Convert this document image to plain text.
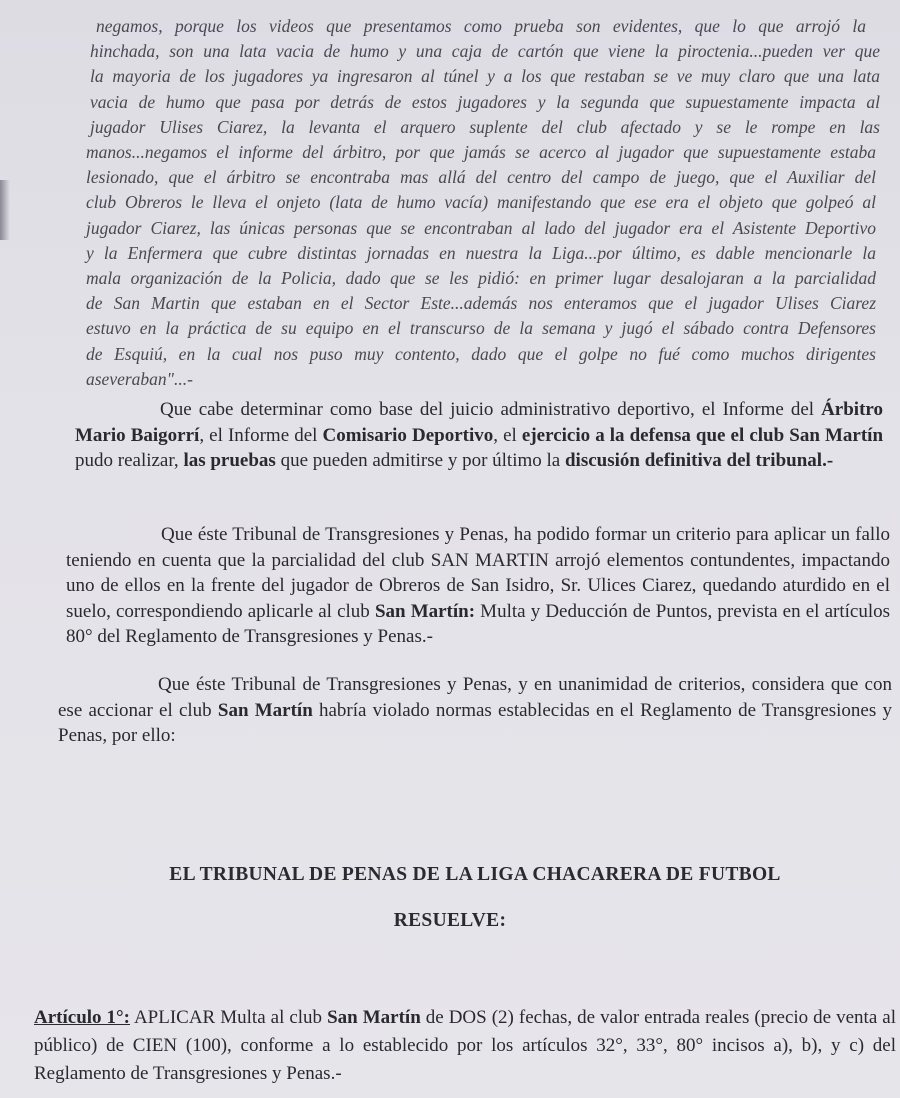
negamos, porque los videos que presentamos como prueba son evidentes, que lo que arrojó la

hinchada, son una lata vacia de humo y una caja de cartón que viene la piroctenia...pueden ver que

la mayoria de los jugadores ya ingresaron al túnel y a los que restaban se ve muy claro que una lata

vacia de humo que pasa por detrás de estos jugadores y la segunda que supuestamente impacta al

jugador Ulises Ciarez, la levanta el arquero suplente del club afectado y se le rompe en las

manos...negamos el informe del árbitro, por que jamás se acerco al jugador que supuestamente estaba

lesionado, que el árbitro se encontraba mas allá del centro del campo de juego, que el Auxiliar del

club Obreros le lleva el onjeto (lata de humo vacía) manifestando que ese era el objeto que golpeó al

jugador Ciarez, las únicas personas que se encontraban al lado del jugador era el Asistente Deportivo

y la Enfermera que cubre distintas jornadas en nuestra la Liga...por último, es dable mencionarle la

mala organización de la Policia, dado que se les pidió: en primer lugar desalojaran a la parcialidad

de San Martin que estaban en el Sector Este...además nos enteramos que el jugador Ulises Ciarez

estuvo en la práctica de su equipo en el transcurso de la semana y jugó el sábado contra Defensores

de Esquiú, en la cual nos puso muy contento, dado que el golpe no fué como muchos dirigentes

aseveraban"...-

Que cabe determinar como base del juicio administrativo deportivo, el Informe del Árbitro Mario Baigorrí, el Informe del Comisario Deportivo, el ejercicio a la defensa que el club San Martín pudo realizar, las pruebas que pueden admitirse y por último la discusión definitiva del tribunal.-

Que éste Tribunal de Transgresiones y Penas, ha podido formar un criterio para aplicar un fallo teniendo en cuenta que la parcialidad del club SAN MARTIN arrojó elementos contundentes, impactando uno de ellos en la frente del jugador de Obreros de San Isidro, Sr. Ulices Ciarez, quedando aturdido en el suelo, correspondiendo aplicarle al club San Martín: Multa y Deducción de Puntos, prevista en el artículos 80° del Reglamento de Transgresiones y Penas.-

Que éste Tribunal de Transgresiones y Penas, y en unanimidad de criterios, considera que con ese accionar el club San Martín habría violado normas establecidas en el Reglamento de Transgresiones y Penas, por ello:

EL TRIBUNAL DE PENAS DE LA LIGA CHACARERA DE FUTBOL

RESUELVE:

Artículo 1°: APLICAR Multa al club San Martín de DOS (2) fechas, de valor entrada reales (precio de venta al público) de CIEN (100), conforme a lo establecido por los artículos 32°, 33°, 80° incisos a), b), y c) del Reglamento de Transgresiones y Penas.-
